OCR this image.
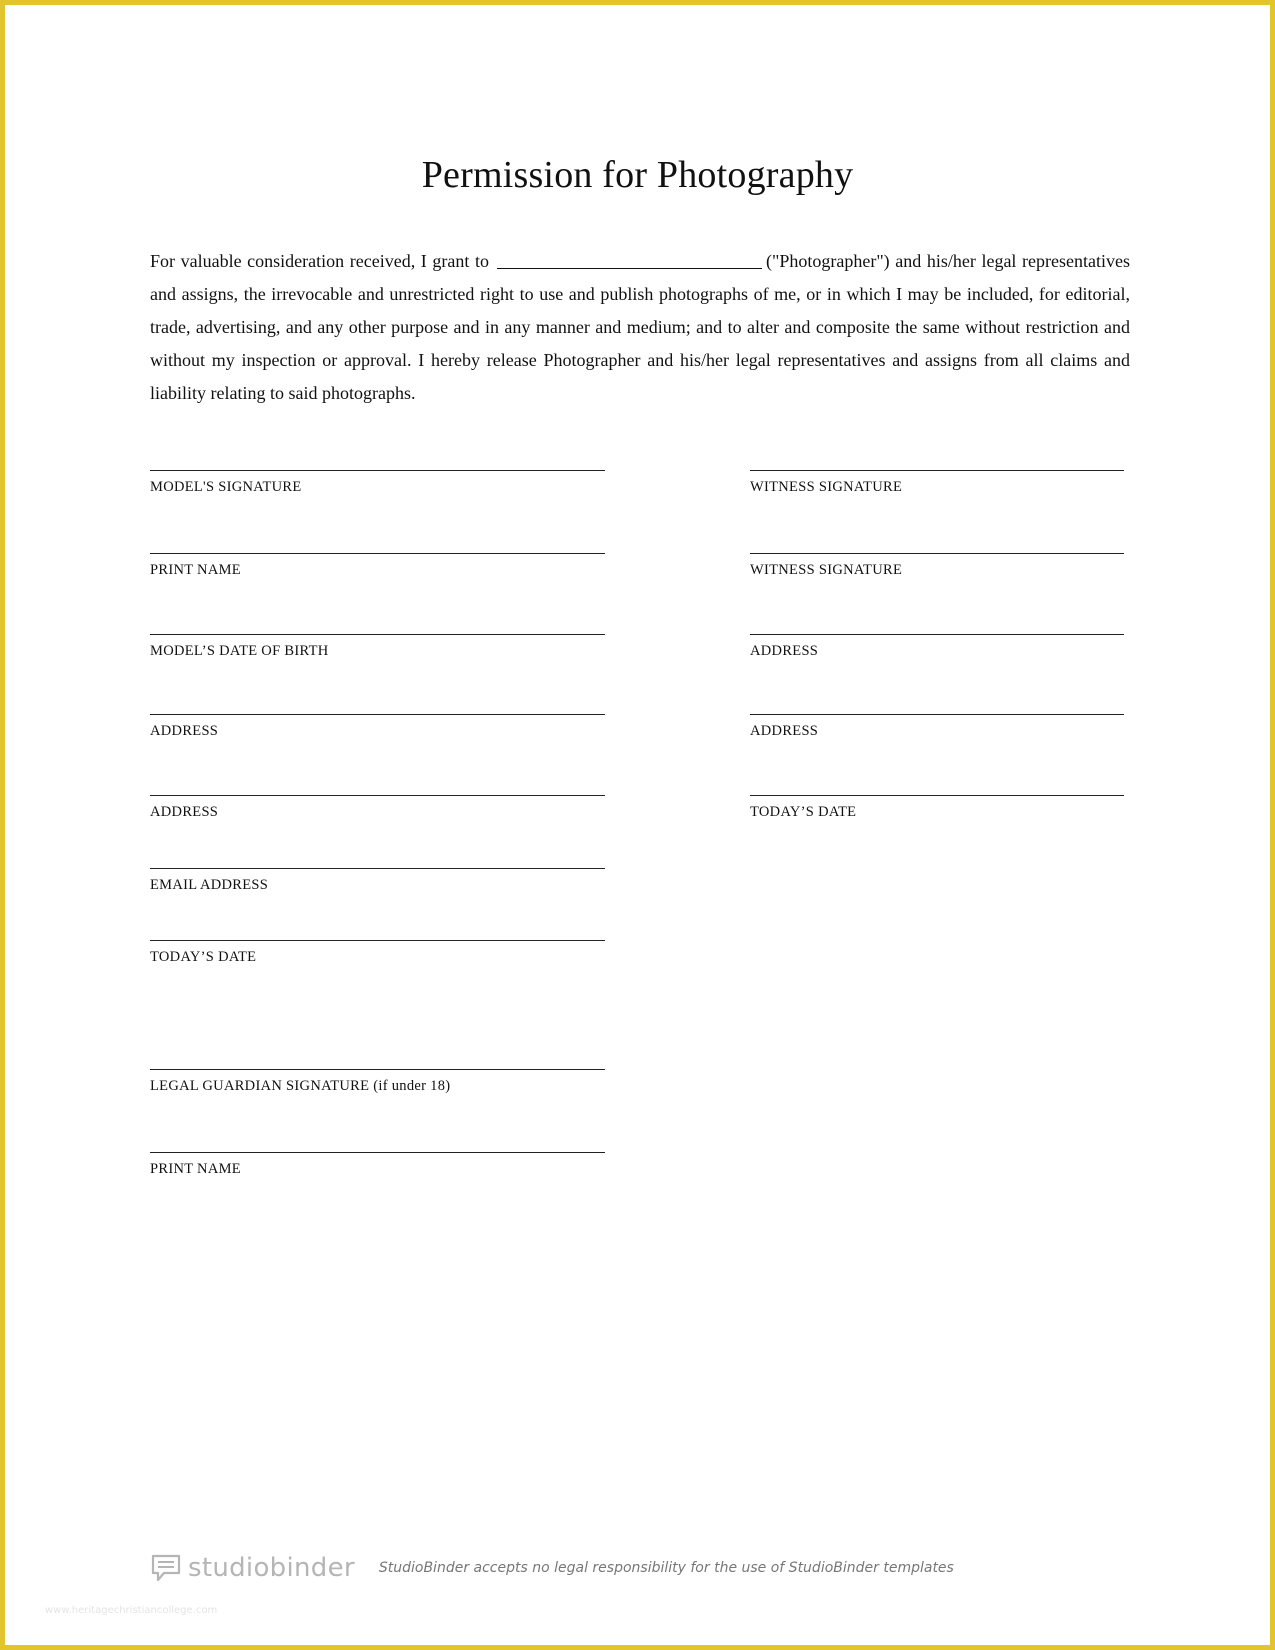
Permission for Photography
For valuable consideration received, I grant to	("Photographer") and his/her legal representatives and assigns, the irrevocable and unrestricted right to use and publish photographs of me, or in which I may be included, for editorial, trade, advertising, and any other purpose and in any manner and medium; and to alter and composite the same without restriction and without my inspection or approval. I hereby release Photographer and his/her legal representatives and assigns from all claims and liability relating to said photographs.
MODEL'S SIGNATURE
PRINT NAME
MODEL’S DATE OF BIRTH
ADDRESS
ADDRESS
EMAIL ADDRESS
TODAY’S DATE
LEGAL GUARDIAN SIGNATURE (if under 18)
PRINT NAME
WITNESS SIGNATURE
WITNESS SIGNATURE
ADDRESS
ADDRESS
TODAY’S DATE
studiobinder StudioBinder accepts no legal responsibility for the use of StudioBinder templates
www.heritagechristiancollege.com
